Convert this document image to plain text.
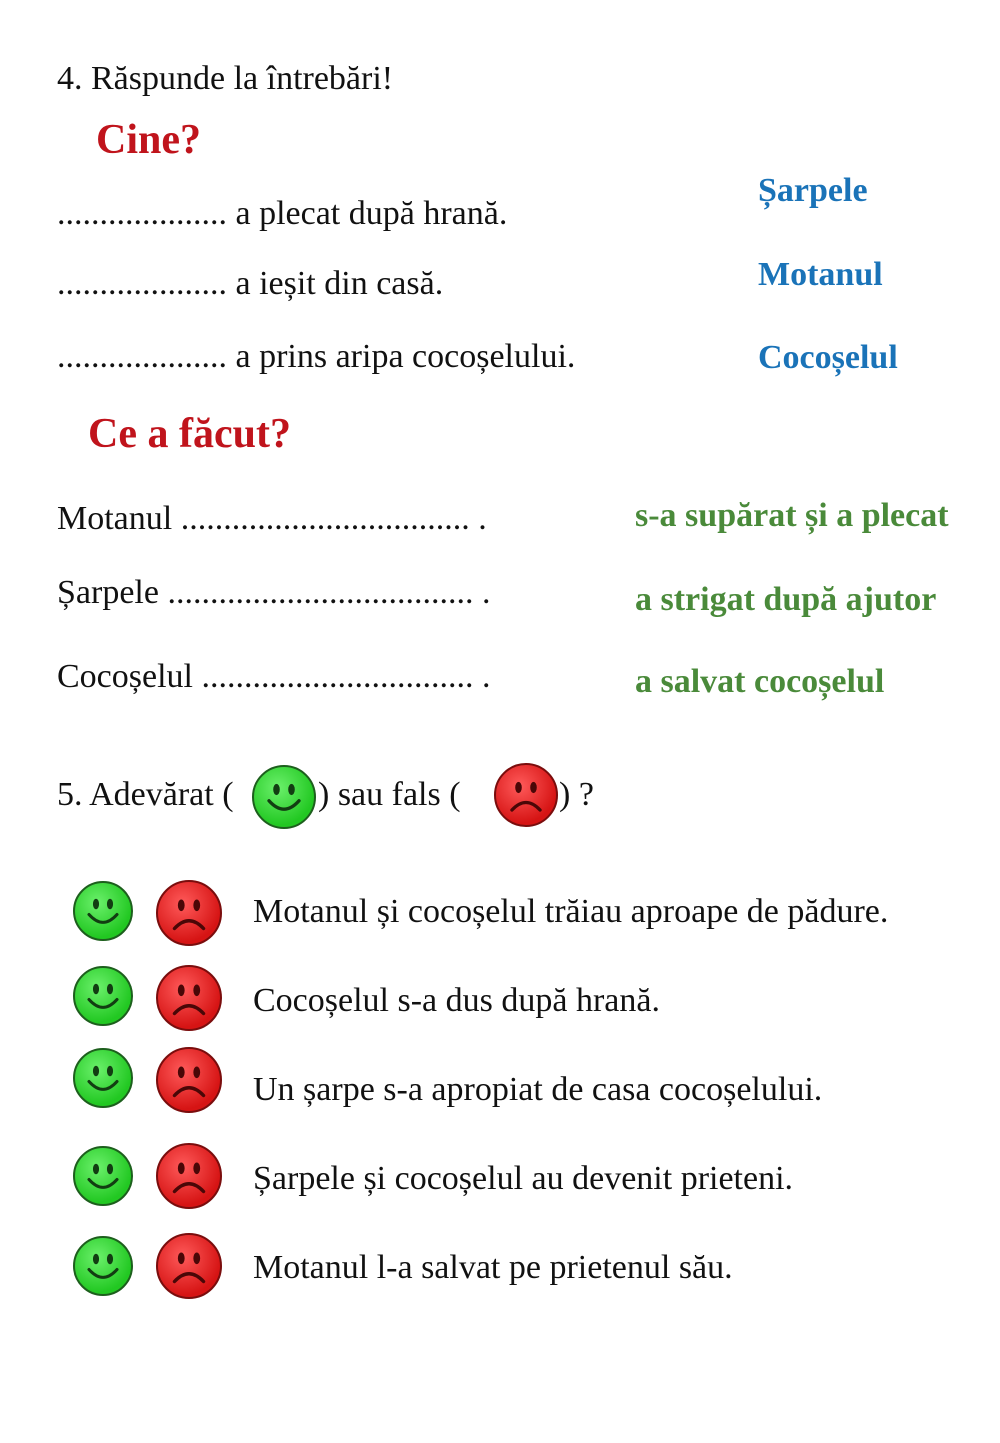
4. Răspunde la întrebări!
Cine?
.................... a plecat după hrană.
.................... a ieșit din casă.
.................... a prins aripa cocoșelului.
Șarpele
Motanul
Cocoșelul
Ce a făcut?
Motanul .................................. .
Șarpele .................................... .
Cocoșelul ................................ .
s-a supărat și a plecat
a strigat după ajutor
a salvat cocoșelul
5. Adevărat ( ) sau fals (	) ?
Motanul și cocoșelul trăiau aproape de pădure.
Cocoșelul s-a dus după hrană.
Un șarpe s-a apropiat de casa cocoșelului.
Șarpele și cocoșelul au devenit prieteni.
Motanul l-a salvat pe prietenul său.
